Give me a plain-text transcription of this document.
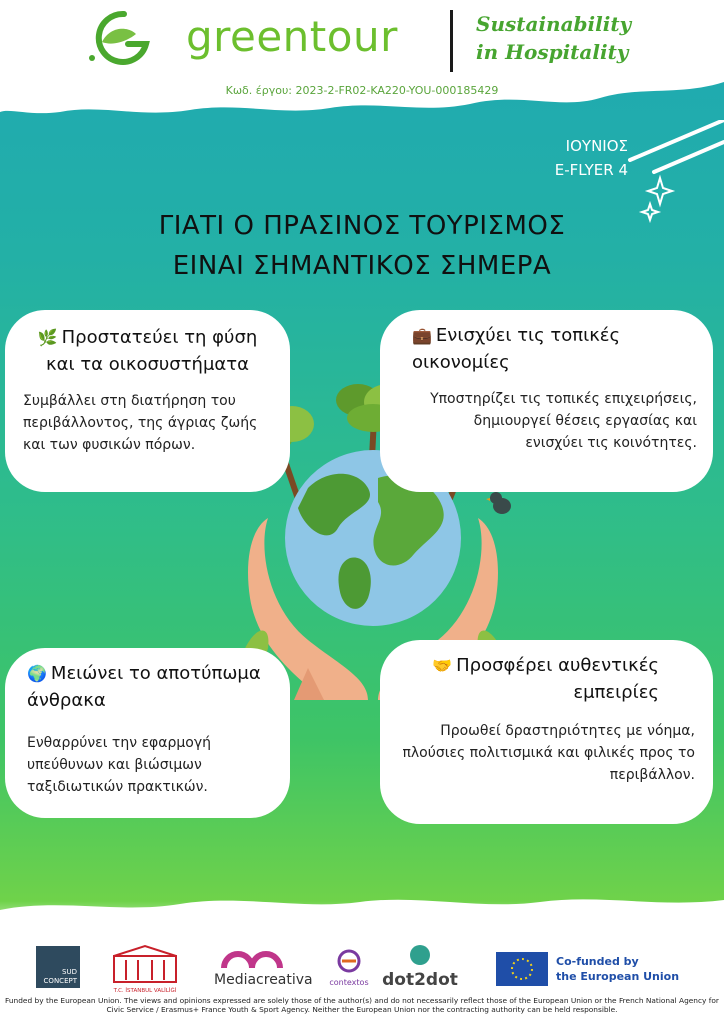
greentour	Sustainability
in Hospitality
Κωδ. έργου: 2023-2-FR02-KA220-YOU-000185429
ΙΟΥΝΙΟΣ
E-FLYER 4
ΓΙΑΤΙ Ο ΠΡΑΣΙΝΟΣ ΤΟΥΡΙΣΜΟΣ
ΕΙΝΑΙ ΣΗΜΑΝΤΙΚΟΣ ΣΗΜΕΡΑ
🌿 Προστατεύει τη φύση και τα οικοσυστήματα

Συμβάλλει στη διατήρηση του περιβάλλοντος, της άγριας ζωής και των φυσικών πόρων.

💼 Ενισχύει τις τοπικές οικονομίες

Υποστηρίζει τις τοπικές επιχειρήσεις, δημιουργεί θέσεις εργασίας και ενισχύει τις κοινότητες.

🌍 Μειώνει το αποτύπωμα άνθρακα

Ενθαρρύνει την εφαρμογή υπεύθυνων και βιώσιμων ταξιδιωτικών πρακτικών.

🤝 Προσφέρει αυθεντικές εμπειρίες

Προωθεί δραστηριότητες με νόημα, πλούσιες πολιτισμικά και φιλικές προς το περιβάλλον.

SUD CONCEPT
T.C. İSTANBUL VALİLİĞİ
Mediacreativa	contextos dot2dot
Co-funded by
the European Union
Funded by the European Union. The views and opinions expressed are solely those of the author(s) and do not necessarily reflect those of the European Union or the French National Agency for Civic Service / Erasmus+ France Youth & Sport Agency. Neither the European Union nor the contracting authority can be held responsible.
